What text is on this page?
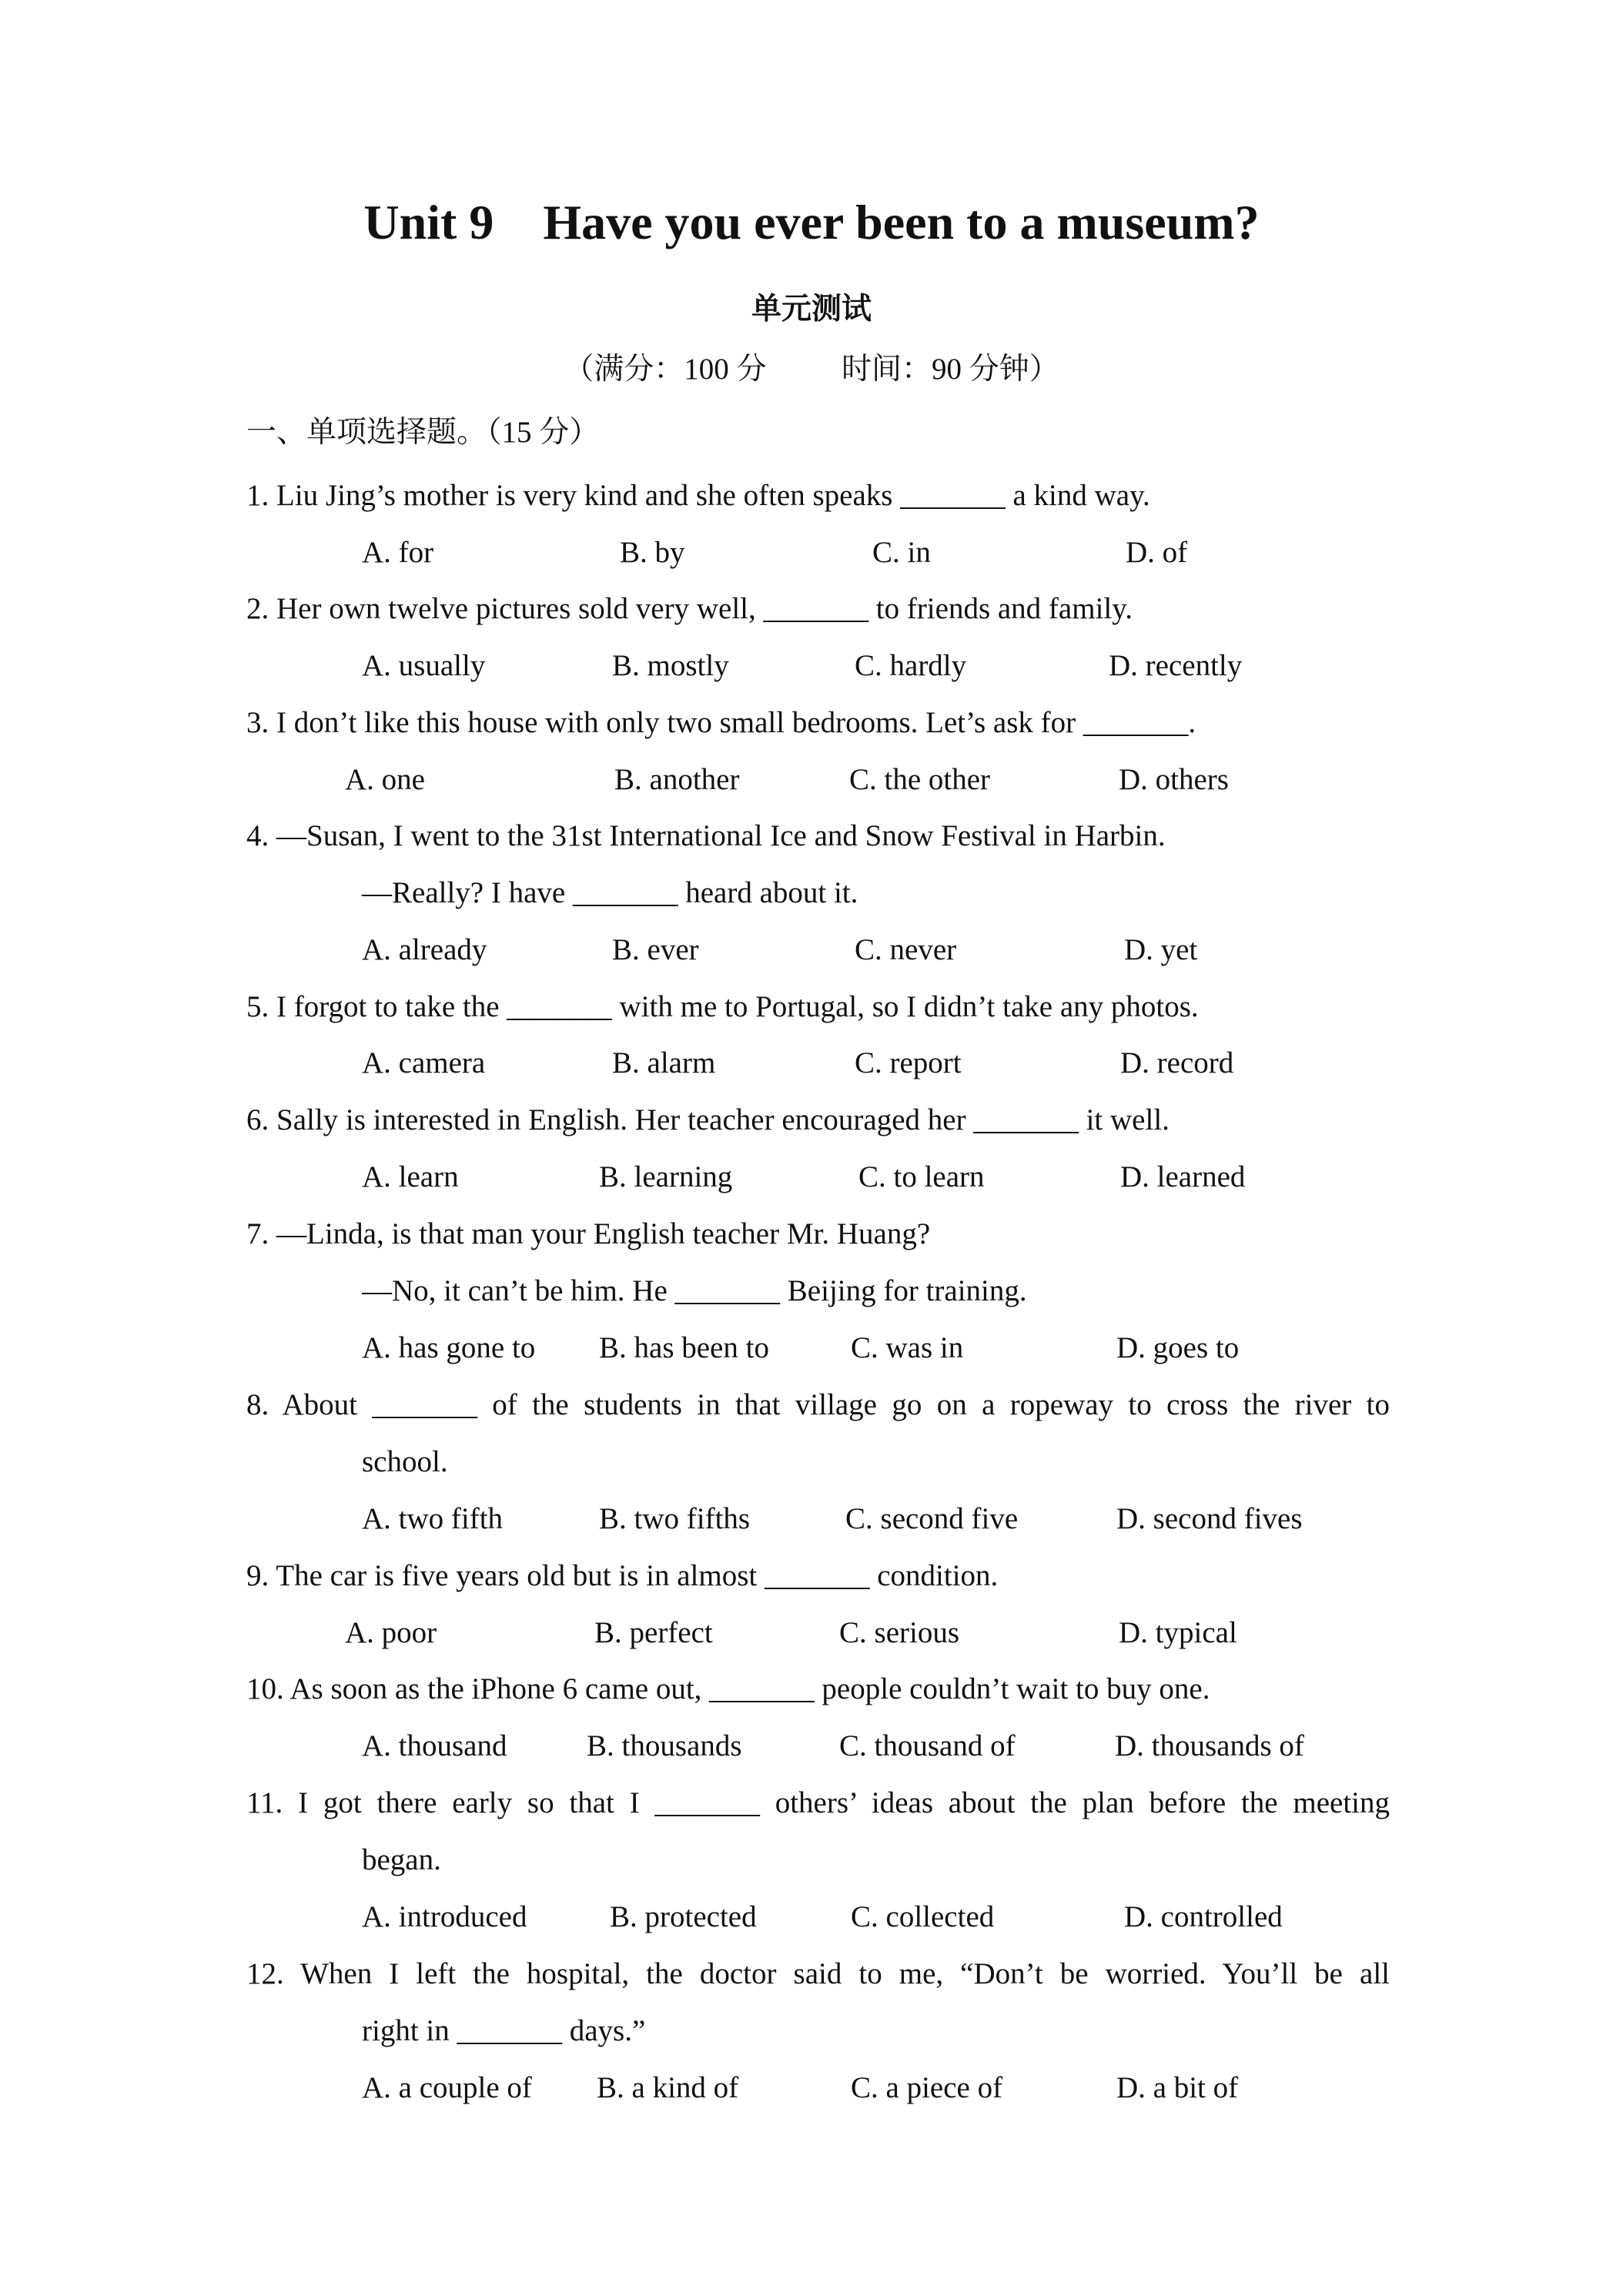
Unit 9    Have you ever been to a museum?
单元测试
（满分：100 分          时间：90 分钟）
一、单项选择题。（15 分）
1. Liu Jing’s mother is very kind and she often speaks _______ a kind way.
A. for	B. by	C. in	D. of
2. Her own twelve pictures sold very well, _______ to friends and family.
A. usually	B. mostly	C. hardly	D. recently
3. I don’t like this house with only two small bedrooms. Let’s ask for _______.
A. one	B. another	C. the other	D. others
4. —Susan, I went to the 31st International Ice and Snow Festival in Harbin.
—Really? I have _______ heard about it.
A. already	B. ever	C. never	D. yet
5. I forgot to take the _______ with me to Portugal, so I didn’t take any photos.
A. camera	B. alarm	C. report	D. record
6. Sally is interested in English. Her teacher encouraged her _______ it well.
A. learn	B. learning	C. to learn	D. learned
7. —Linda, is that man your English teacher Mr. Huang?
—No, it can’t be him. He _______ Beijing for training.
A. has gone to B. has been to	C. was in	D. goes to
8. About _______ of the students in that village go on a ropeway to cross the river to
school.
A. two fifth	B. two fifths	C. second five	D. second fives
9. The car is five years old but is in almost _______ condition.
A. poor	B. perfect	C. serious	D. typical
10. As soon as the iPhone 6 came out, _______ people couldn’t wait to buy one.
A. thousand	B. thousands	C. thousand of	D. thousands of
11. I got there early so that I _______ others’ ideas about the plan before the meeting
began.
A. introduced	B. protected	C. collected	D. controlled
12. When I left the hospital, the doctor said to me, “Don’t be worried. You’ll be all
right in _______ days.”
A. a couple of B. a kind of	C. a piece of	D. a bit of
